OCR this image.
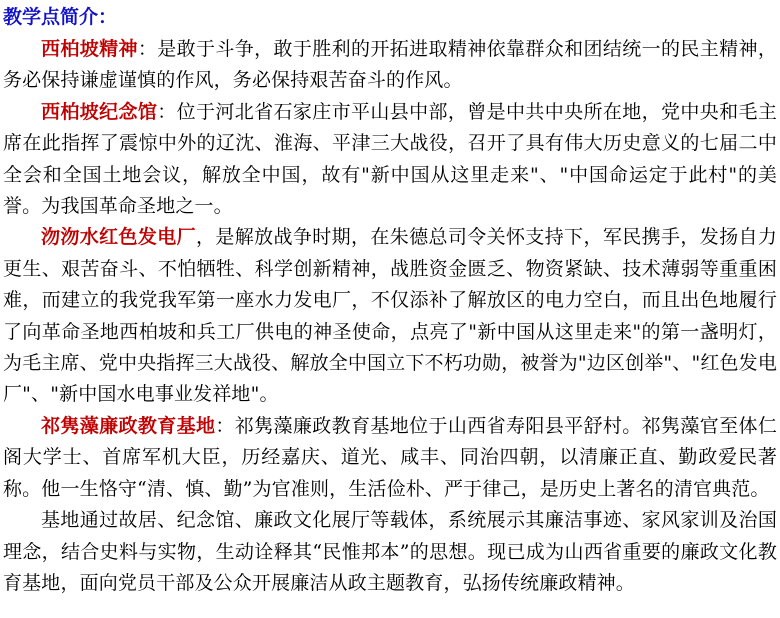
教学点简介：

西柏坡精神：是敢于斗争，敢于胜利的开拓进取精神依靠群众和团结统一的民主精神，务必保持谦虚谨慎的作风，务必保持艰苦奋斗的作风。

西柏坡纪念馆：位于河北省石家庄市平山县中部，曾是中共中央所在地，党中央和毛主席在此指挥了震惊中外的辽沈、淮海、平津三大战役，召开了具有伟大历史意义的七届二中全会和全国土地会议，解放全中国，故有"新中国从这里走来"、"中国命运定于此村"的美誉。为我国革命圣地之一。

沕沕水红色发电厂，是解放战争时期，在朱德总司令关怀支持下，军民携手，发扬自力更生、艰苦奋斗、不怕牺牲、科学创新精神，战胜资金匮乏、物资紧缺、技术薄弱等重重困难，而建立的我党我军第一座水力发电厂，不仅添补了解放区的电力空白，而且出色地履行了向革命圣地西柏坡和兵工厂供电的神圣使命，点亮了"新中国从这里走来"的第一盏明灯，为毛主席、党中央指挥三大战役、解放全中国立下不朽功勋，被誉为"边区创举"、"红色发电厂"、"新中国水电事业发祥地"。

祁隽藻廉政教育基地：祁隽藻廉政教育基地位于山西省寿阳县平舒村。祁隽藻官至体仁阁大学士、首席军机大臣，历经嘉庆、道光、咸丰、同治四朝，以清廉正直、勤政爱民著称。他一生恪守“清、慎、勤”为官准则，生活俭朴、严于律己，是历史上著名的清官典范。

基地通过故居、纪念馆、廉政文化展厅等载体，系统展示其廉洁事迹、家风家训及治国理念，结合史料与实物，生动诠释其“民惟邦本”的思想。现已成为山西省重要的廉政文化教育基地，面向党员干部及公众开展廉洁从政主题教育，弘扬传统廉政精神。
